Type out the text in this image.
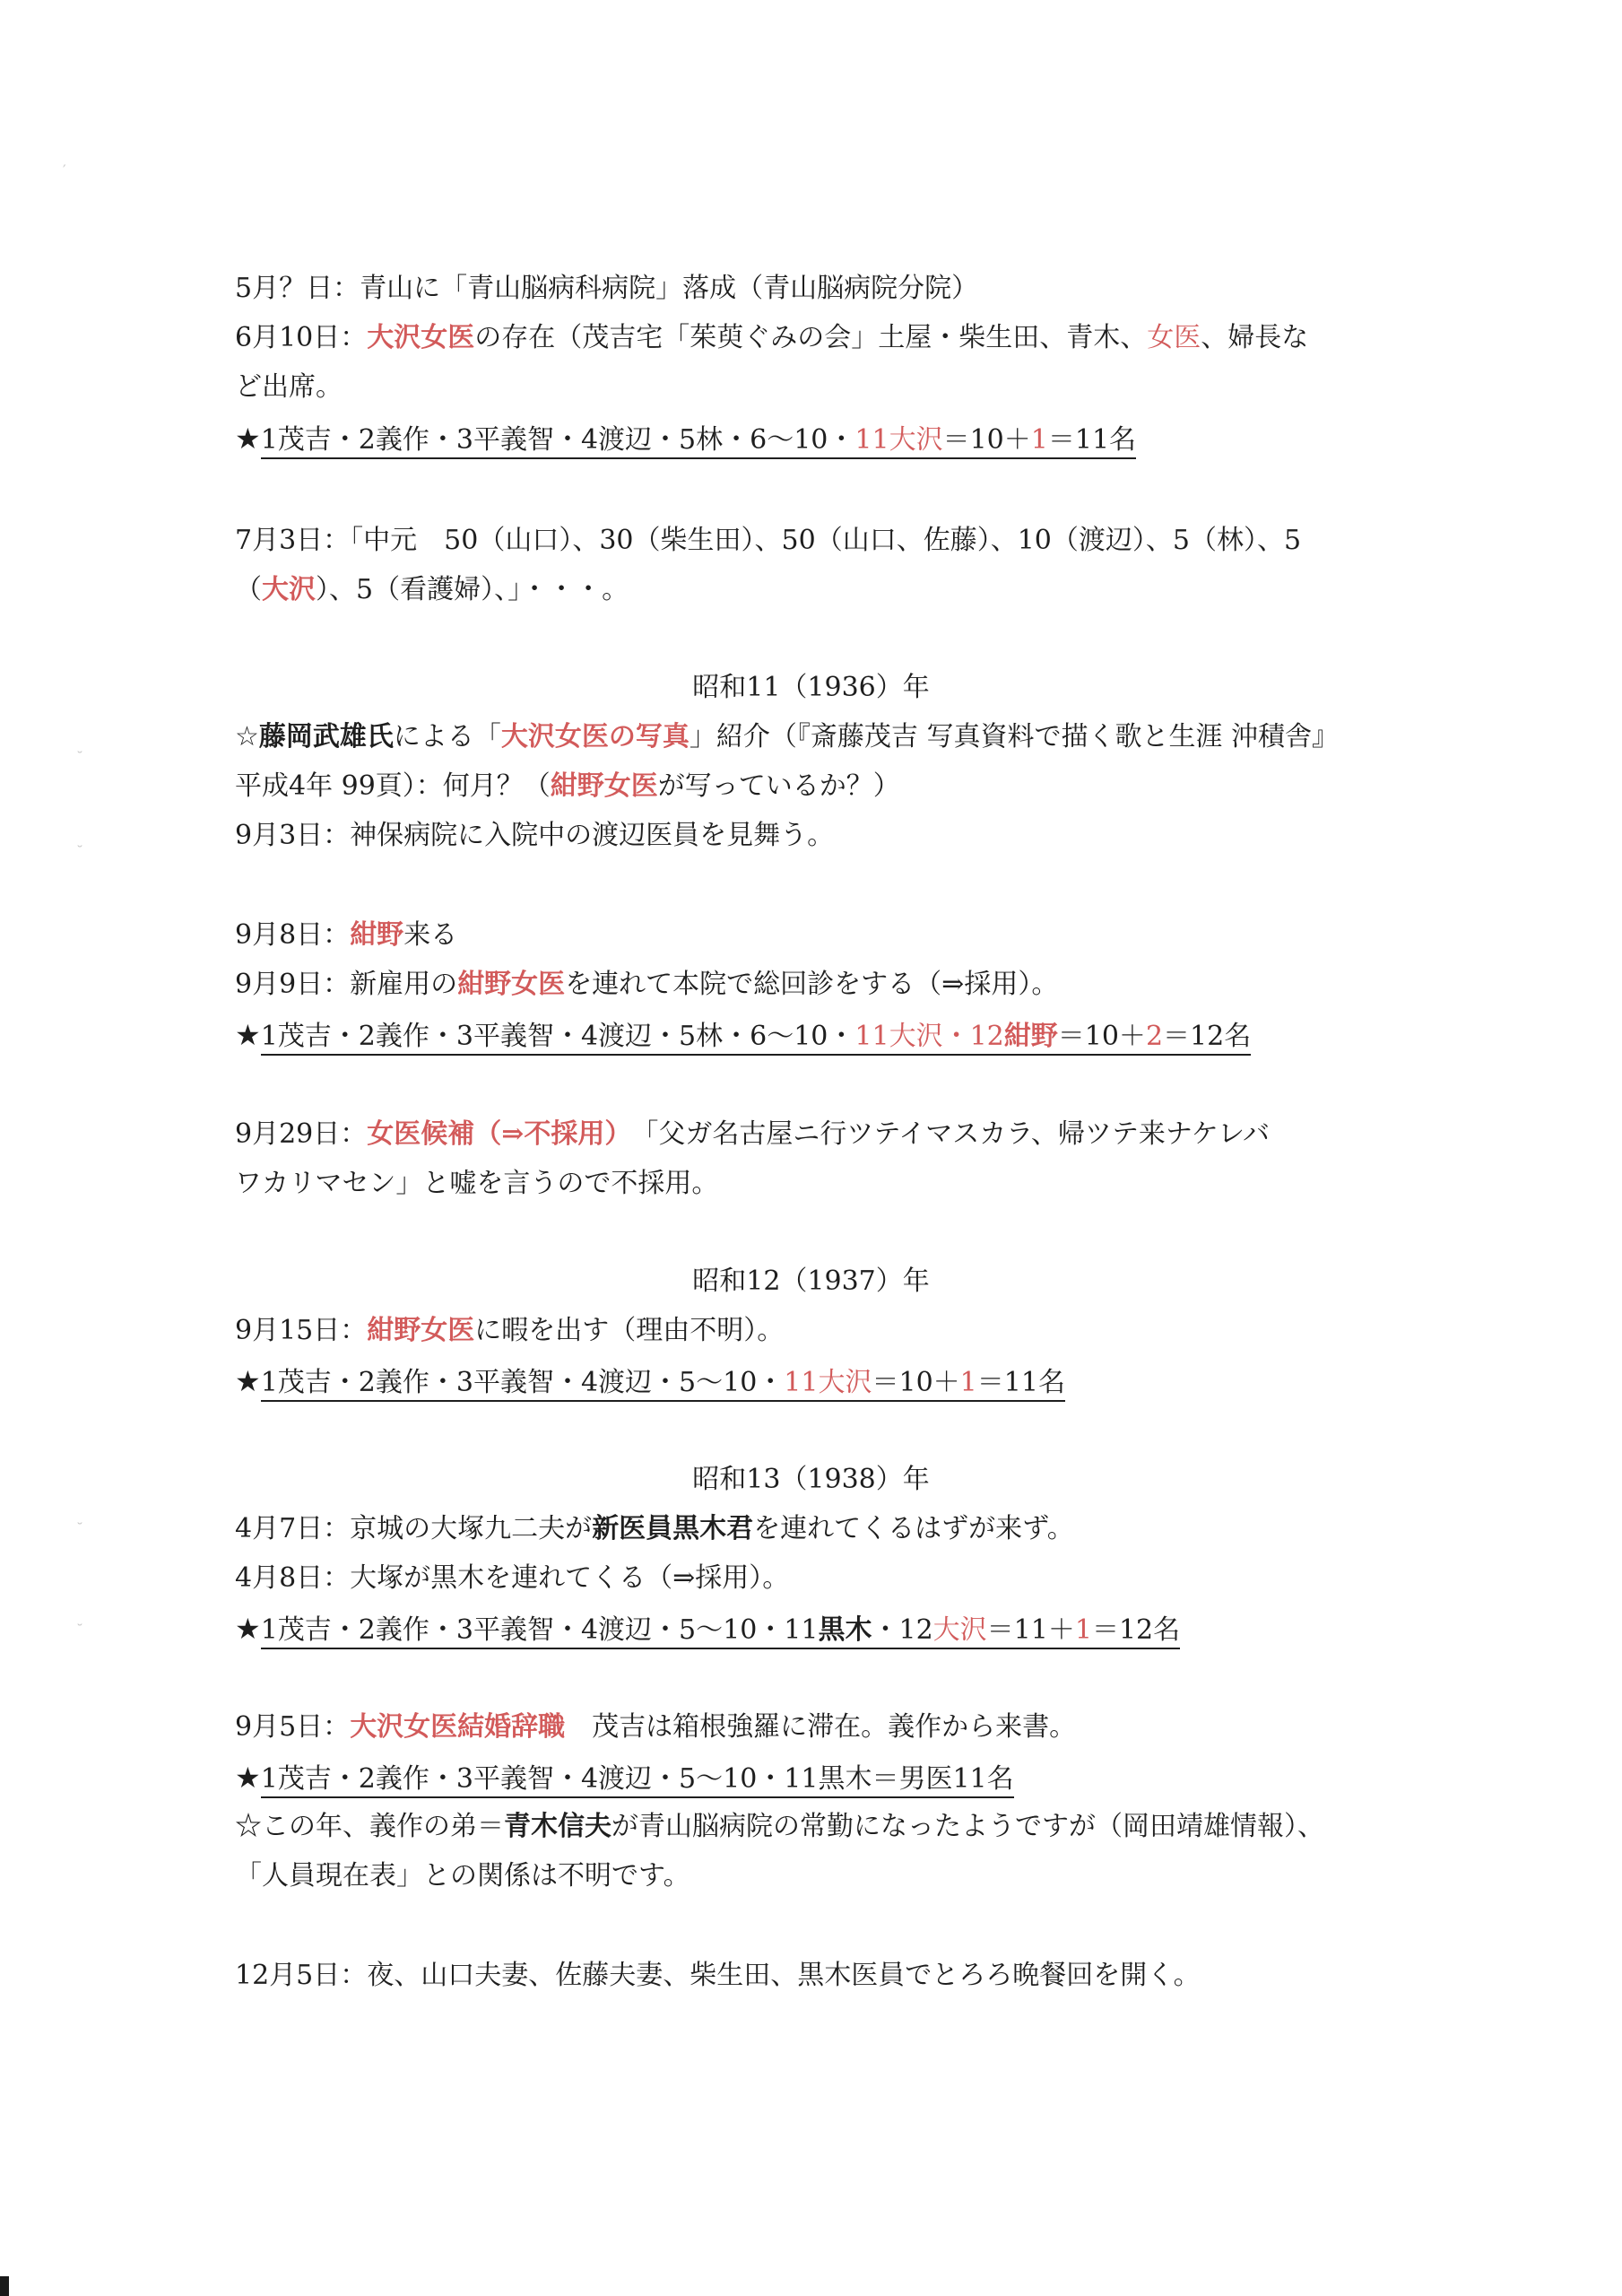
5月？日：青山に「青山脳病科病院」落成（青山脳病院分院）
6月10日：大沢女医の存在（茂吉宅「茱萸ぐみの会」土屋・柴生田、青木、女医、婦長な
ど出席。
★1茂吉・2義作・3平義智・4渡辺・5林・6〜10・11大沢＝10＋1＝11名
7月3日：「中元　50（山口）、30（柴生田）、50（山口、佐藤）、10（渡辺）、5（林）、5
（大沢）、5（看護婦）、」・・・。
昭和11（1936）年
☆藤岡武雄氏による「大沢女医の写真」紹介（『斎藤茂吉 写真資料で描く歌と生涯 沖積舎』
平成4年 99頁）：何月？（紺野女医が写っているか？）
9月3日：神保病院に入院中の渡辺医員を見舞う。
9月8日：紺野来る
9月9日：新雇用の紺野女医を連れて本院で総回診をする（⇒採用）。
★1茂吉・2義作・3平義智・4渡辺・5林・6〜10・11大沢・12紺野＝10＋2＝12名
9月29日：女医候補（⇒不採用）　「父ガ名古屋ニ行ツテイマスカラ、帰ツテ来ナケレバ
ワカリマセン」と嘘を言うので不採用。
昭和12（1937）年
9月15日：紺野女医に暇を出す（理由不明）。
★1茂吉・2義作・3平義智・4渡辺・5〜10・11大沢＝10＋1＝11名
昭和13（1938）年
4月7日：京城の大塚九二夫が新医員黒木君を連れてくるはずが来ず。
4月8日：大塚が黒木を連れてくる（⇒採用）。
★1茂吉・2義作・3平義智・4渡辺・5〜10・11黒木・12大沢＝11＋1＝12名
9月5日：大沢女医結婚辞職　茂吉は箱根強羅に滞在。義作から来書。
★1茂吉・2義作・3平義智・4渡辺・5〜10・11黒木＝男医11名
☆この年、義作の弟＝青木信夫が青山脳病院の常勤になったようですが（岡田靖雄情報）、
「人員現在表」との関係は不明です。
12月5日：夜、山口夫妻、佐藤夫妻、柴生田、黒木医員でとろろ晩餐回を開く。
′
˘
˘
˘
˘
